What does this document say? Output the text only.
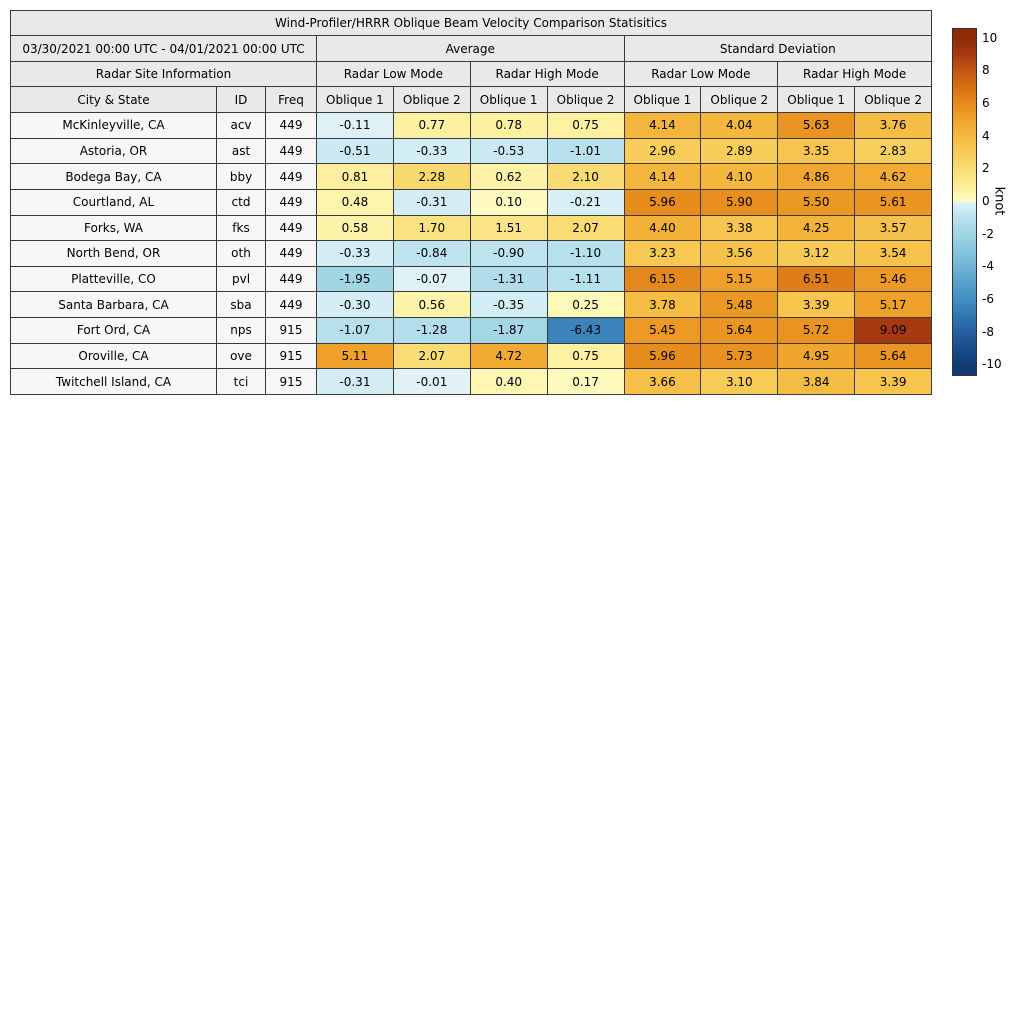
Wind-Profiler/HRRR Oblique Beam Velocity Comparison Statisitics										
03/30/2021 00:00 UTC - 04/01/2021 00:00 UTC			Average				Standard Deviation			
Radar Site Information			Radar Low Mode		Radar High Mode		Radar Low Mode		Radar High Mode	
City & State	ID	Freq	Oblique 1	Oblique 2	Oblique 1	Oblique 2	Oblique 1	Oblique 2	Oblique 1	Oblique 2
McKinleyville, CA	acv	449	-0.11	0.77	0.78	0.75	4.14	4.04	5.63	3.76
Astoria, OR	ast	449	-0.51	-0.33	-0.53	-1.01	2.96	2.89	3.35	2.83
Bodega Bay, CA	bby	449	0.81	2.28	0.62	2.10	4.14	4.10	4.86	4.62
Courtland, AL	ctd	449	0.48	-0.31	0.10	-0.21	5.96	5.90	5.50	5.61
Forks, WA	fks	449	0.58	1.70	1.51	2.07	4.40	3.38	4.25	3.57
North Bend, OR	oth	449	-0.33	-0.84	-0.90	-1.10	3.23	3.56	3.12	3.54
Platteville, CO	pvl	449	-1.95	-0.07	-1.31	-1.11	6.15	5.15	6.51	5.46
Santa Barbara, CA	sba	449	-0.30	0.56	-0.35	0.25	3.78	5.48	3.39	5.17
Fort Ord, CA	nps	915	-1.07	-1.28	-1.87	-6.43	5.45	5.64	5.72	9.09
Oroville, CA	ove	915	5.11	2.07	4.72	0.75	5.96	5.73	4.95	5.64
Twitchell Island, CA	tci	915	-0.31	-0.01	0.40	0.17	3.66	3.10	3.84	3.39
10
8
6
4
2
0
-2
-4
-6
-8
-10
knot
